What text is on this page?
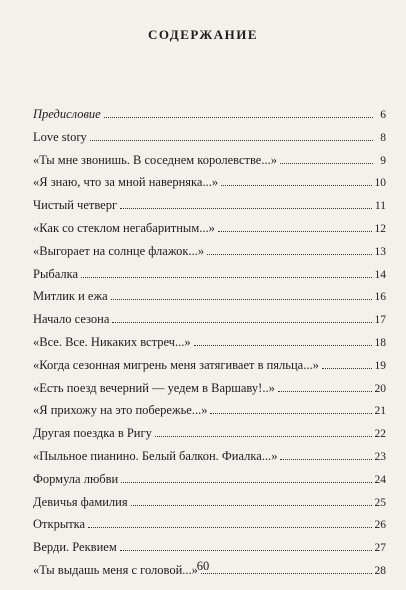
СОДЕРЖАНИЕ
Предисловие	6
Love story	8
«Ты мне звонишь. В соседнем королевстве...»	9
«Я знаю, что за мной наверняка...»	10
Чистый четверг	11
«Как со стеклом негабаритным...»	12
«Выгорает на солнце флажок...»	13
Рыбалка	14
Митлик и ежа	16
Начало сезона	17
«Все. Все. Никаких встреч...»	18
«Когда сезонная мигрень меня затягивает в пяльца...»	19
«Есть поезд вечерний — уедем в Варшаву!..»	20
«Я прихожу на это побережье...»	21
Другая поездка в Ригу	22
«Пыльное пианино. Белый балкон. Фиалка...»	23
Формула любви	24
Девичья фамилия	25
Открытка	26
Верди. Реквием	27
«Ты выдашь меня с головой...»	28
60
